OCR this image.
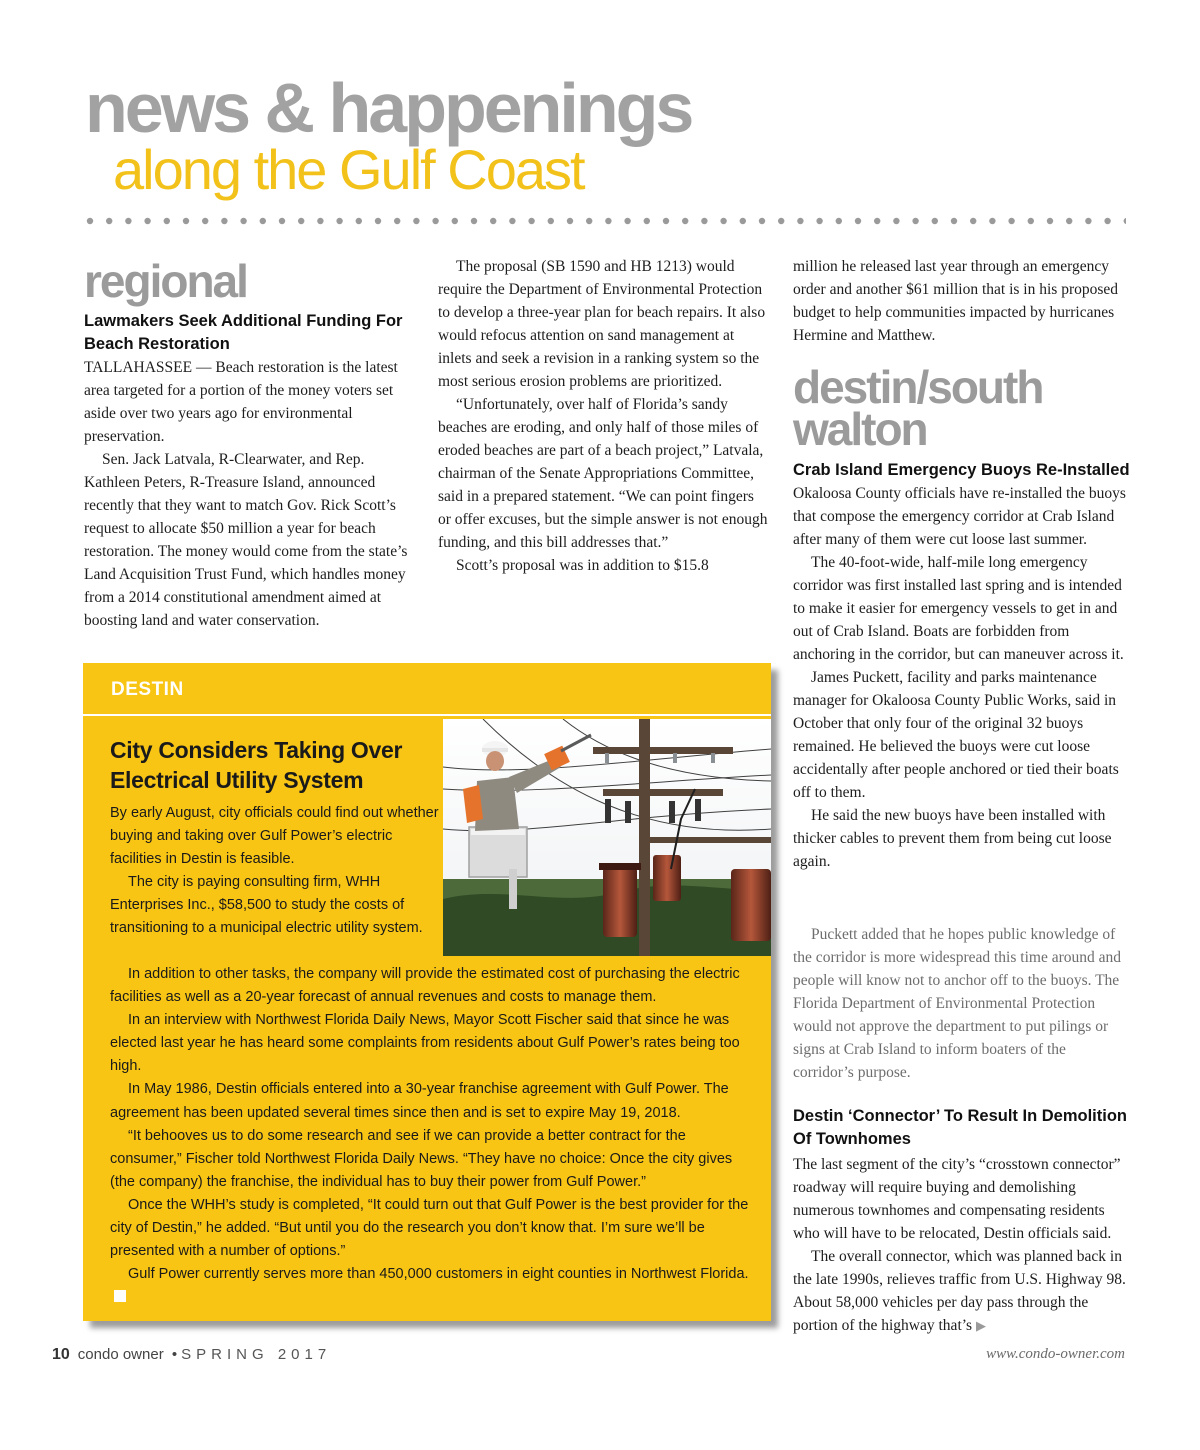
news & happenings
along the Gulf Coast
regional
Lawmakers Seek Additional Funding For Beach Restoration

TALLAHASSEE — Beach restoration is the latest area targeted for a portion of the money voters set aside over two years ago for environmental preservation.

Sen. Jack Latvala, R-Clearwater, and Rep. Kathleen Peters, R-Treasure Island, announced recently that they want to match Gov. Rick Scott’s request to allocate $50 million a year for beach restoration. The money would come from the state’s Land Acquisition Trust Fund, which handles money from a 2014 constitutional amendment aimed at boosting land and water conservation.

The proposal (SB 1590 and HB 1213) would require the Department of Environmental Protection to develop a three-year plan for beach repairs. It also would refocus attention on sand management at inlets and seek a revision in a ranking system so the most serious erosion problems are prioritized.

“Unfortunately, over half of Florida’s sandy beaches are eroding, and only half of those miles of eroded beaches are part of a beach project,” Latvala, chairman of the Senate Appropriations Committee, said in a prepared statement. “We can point fingers or offer excuses, but the simple answer is not enough funding, and this bill addresses that.”

Scott’s proposal was in addition to $15.8

million he released last year through an emergency order and another $61 million that is in his proposed budget to help communities impacted by hurricanes Hermine and Matthew.

destin/south
walton
Crab Island Emergency Buoys Re-Installed

Okaloosa County officials have re-installed the buoys that compose the emergency corridor at Crab Island after many of them were cut loose last summer.

The 40-foot-wide, half-mile long emergency corridor was first installed last spring and is intended to make it easier for emergency vessels to get in and out of Crab Island. Boats are forbidden from anchoring in the corridor, but can maneuver across it.

James Puckett, facility and parks maintenance manager for Okaloosa County Public Works, said in October that only four of the original 32 buoys remained. He believed the buoys were cut loose accidentally after people anchored or tied their boats off to them.

He said the new buoys have been installed with thicker cables to prevent them from being cut loose again.

Puckett added that he hopes public knowledge of the corridor is more widespread this time around and people will know not to anchor off to the buoys. The Florida Department of Environmental Protection would not approve the department to put pilings or signs at Crab Island to inform boaters of the corridor’s purpose.

Destin ‘Connector’ To Result In Demolition Of Townhomes

The last segment of the city’s “crosstown connector” roadway will require buying and demolishing numerous townhomes and compensating residents who will have to be relocated, Destin officials said.

The overall connector, which was planned back in the late 1990s, relieves traffic from U.S. Highway 98. About 58,000 vehicles per day pass through the portion of the highway that’s ▶

DESTIN
City Considers Taking Over Electrical Utility System

By early August, city officials could find out whether buying and taking over Gulf Power’s electric facilities in Destin is feasible.

The city is paying consulting firm, WHH Enterprises Inc., $58,500 to study the costs of transitioning to a municipal electric utility system.

In addition to other tasks, the company will provide the estimated cost of purchasing the electric facilities as well as a 20-year forecast of annual revenues and costs to manage them.

In an interview with Northwest Florida Daily News, Mayor Scott Fischer said that since he was elected last year he has heard some complaints from residents about Gulf Power’s rates being too high.

In May 1986, Destin officials entered into a 30-year franchise agreement with Gulf Power. The agreement has been updated several times since then and is set to expire May 19, 2018.

“It behooves us to do some research and see if we can provide a better contract for the consumer,” Fischer told Northwest Florida Daily News. “They have no choice: Once the city gives (the company) the franchise, the individual has to buy their power from Gulf Power.”

Once the WHH’s study is completed, “It could turn out that Gulf Power is the best provider for the city of Destin,” he added. “But until you do the research you don’t know that. I’m sure we’ll be presented with a number of options.”

Gulf Power currently serves more than 450,000 customers in eight counties in Northwest Florida.

10 condo owner • SPRING 2017	www.condo-owner.com
